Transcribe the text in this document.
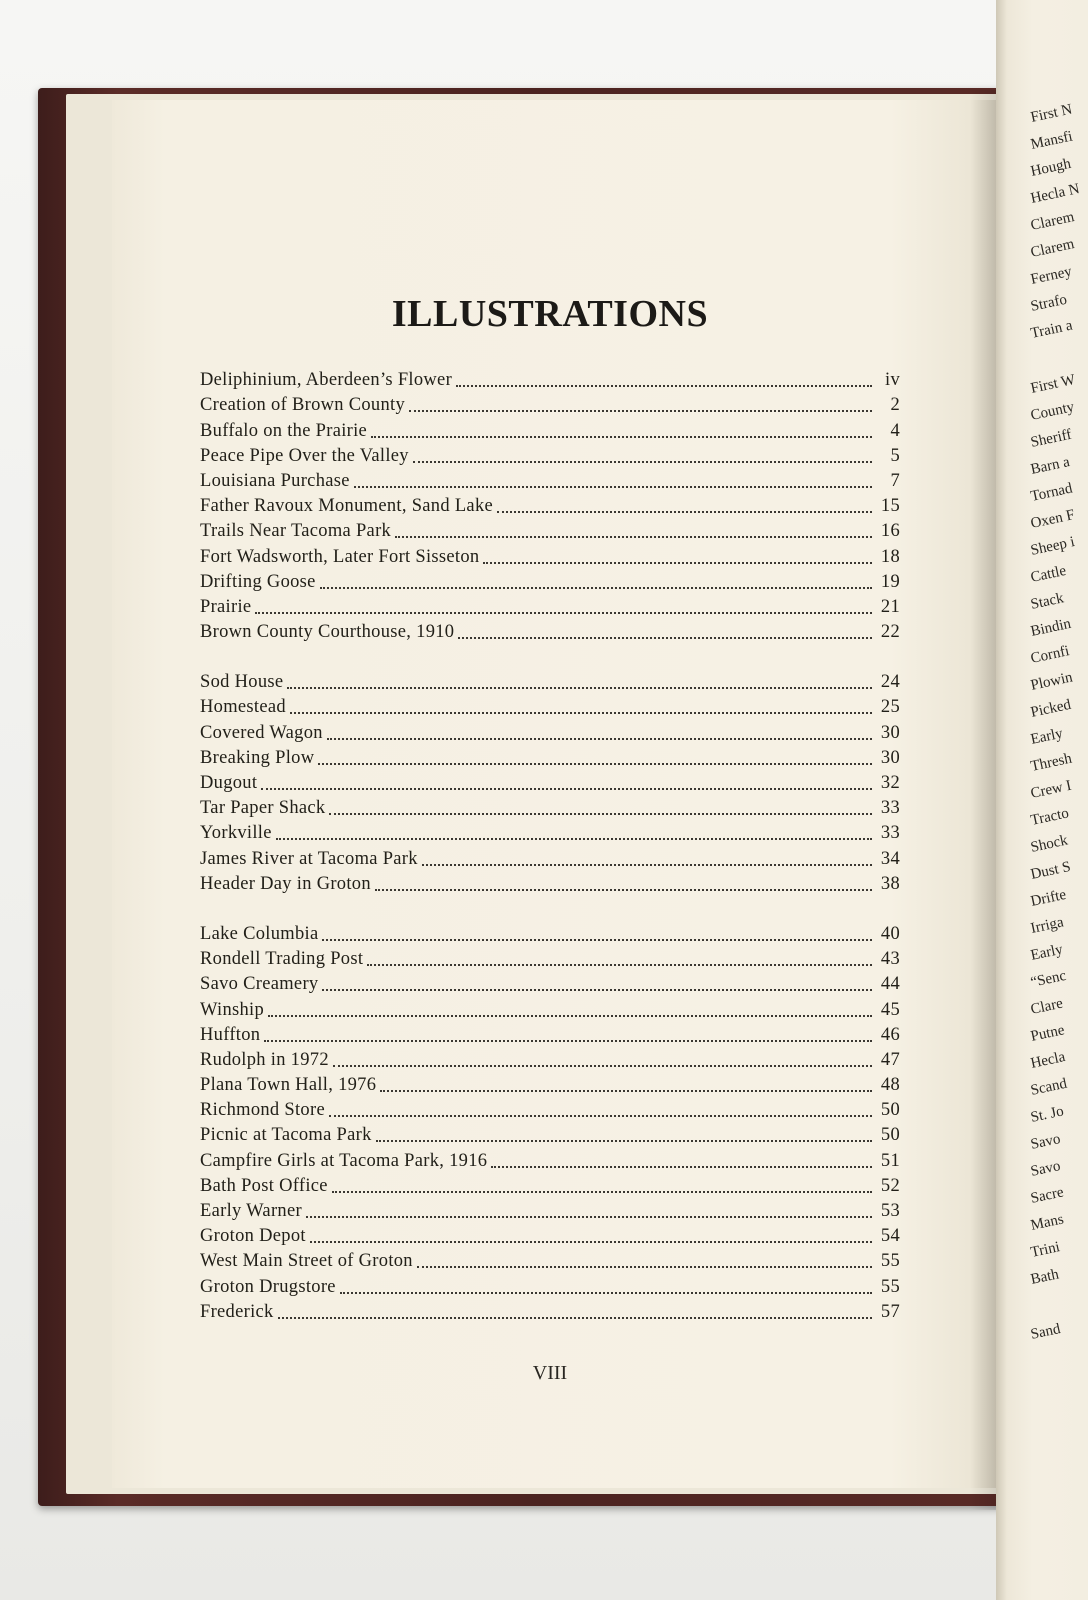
ILLUSTRATIONS
Deliphinium, Aberdeen’s Flower	iv
Creation of Brown County	2
Buffalo on the Prairie	4
Peace Pipe Over the Valley	5
Louisiana Purchase	7
Father Ravoux Monument, Sand Lake	15
Trails Near Tacoma Park	16
Fort Wadsworth, Later Fort Sisseton	18
Drifting Goose	19
Prairie	21
Brown County Courthouse, 1910	22
Sod House	24
Homestead	25
Covered Wagon	30
Breaking Plow	30
Dugout	32
Tar Paper Shack	33
Yorkville	33
James River at Tacoma Park	34
Header Day in Groton	38
Lake Columbia	40
Rondell Trading Post	43
Savo Creamery	44
Winship	45
Huffton	46
Rudolph in 1972	47
Plana Town Hall, 1976	48
Richmond Store	50
Picnic at Tacoma Park	50
Campfire Girls at Tacoma Park, 1916	51
Bath Post Office	52
Early Warner	53
Groton Depot	54
West Main Street of Groton	55
Groton Drugstore	55
Frederick	57
VIII
First N
Mansfi
Hough
Hecla N
Clarem
Clarem
Ferney
Strafo
Train a
First W
County
Sheriff
Barn a
Tornad
Oxen F
Sheep i
Cattle
Stack
Bindin
Cornfi
Plowin
Picked
Early
Thresh
Crew I
Tracto
Shock
Dust S
Drifte
Irriga
Early
“Senc
Clare
Putne
Hecla
Scand
St. Jo
Savo
Savo
Sacre
Mans
Trini
Bath
Sand
